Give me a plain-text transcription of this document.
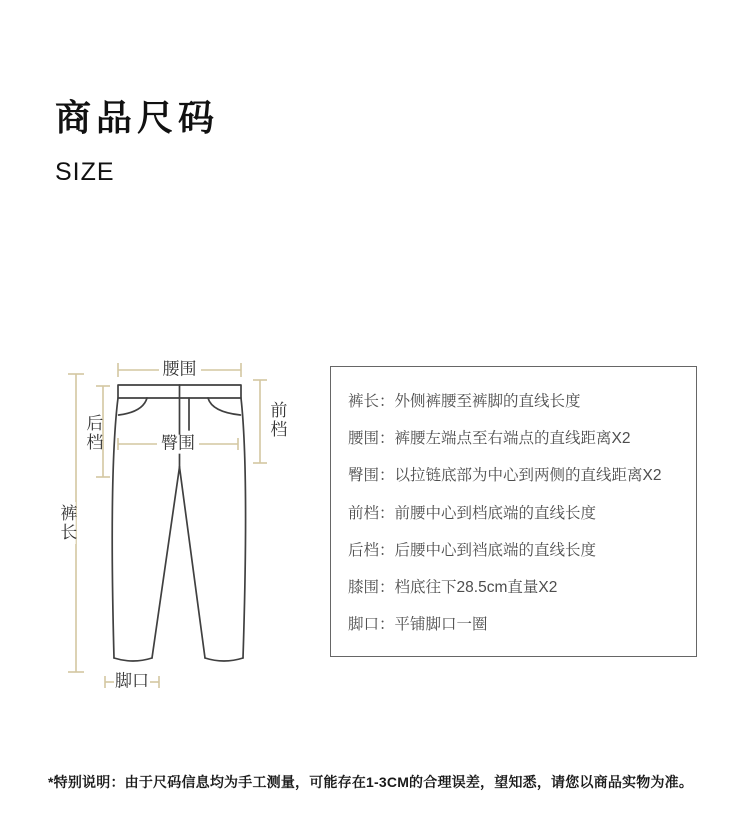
商品尺码
SIZE
腰围
臀围
裤长
后档	前档
脚口
裤长 ： 外侧裤腰至裤脚的直线长度
腰围 ： 裤腰左端点至右端点的直线距离X2
臀围 ： 以拉链底部为中心到两侧的直线距离X2
前档 ： 前腰中心到档底端的直线长度
后档 ： 后腰中心到裆底端的直线长度
膝围 ： 档底往下28.5cm直量X2
脚口 ： 平铺脚口一圈
*特别说明：由于尺码信息均为手工测量，可能存在1-3CM的合理误差，望知悉，请您以商品实物为准。
